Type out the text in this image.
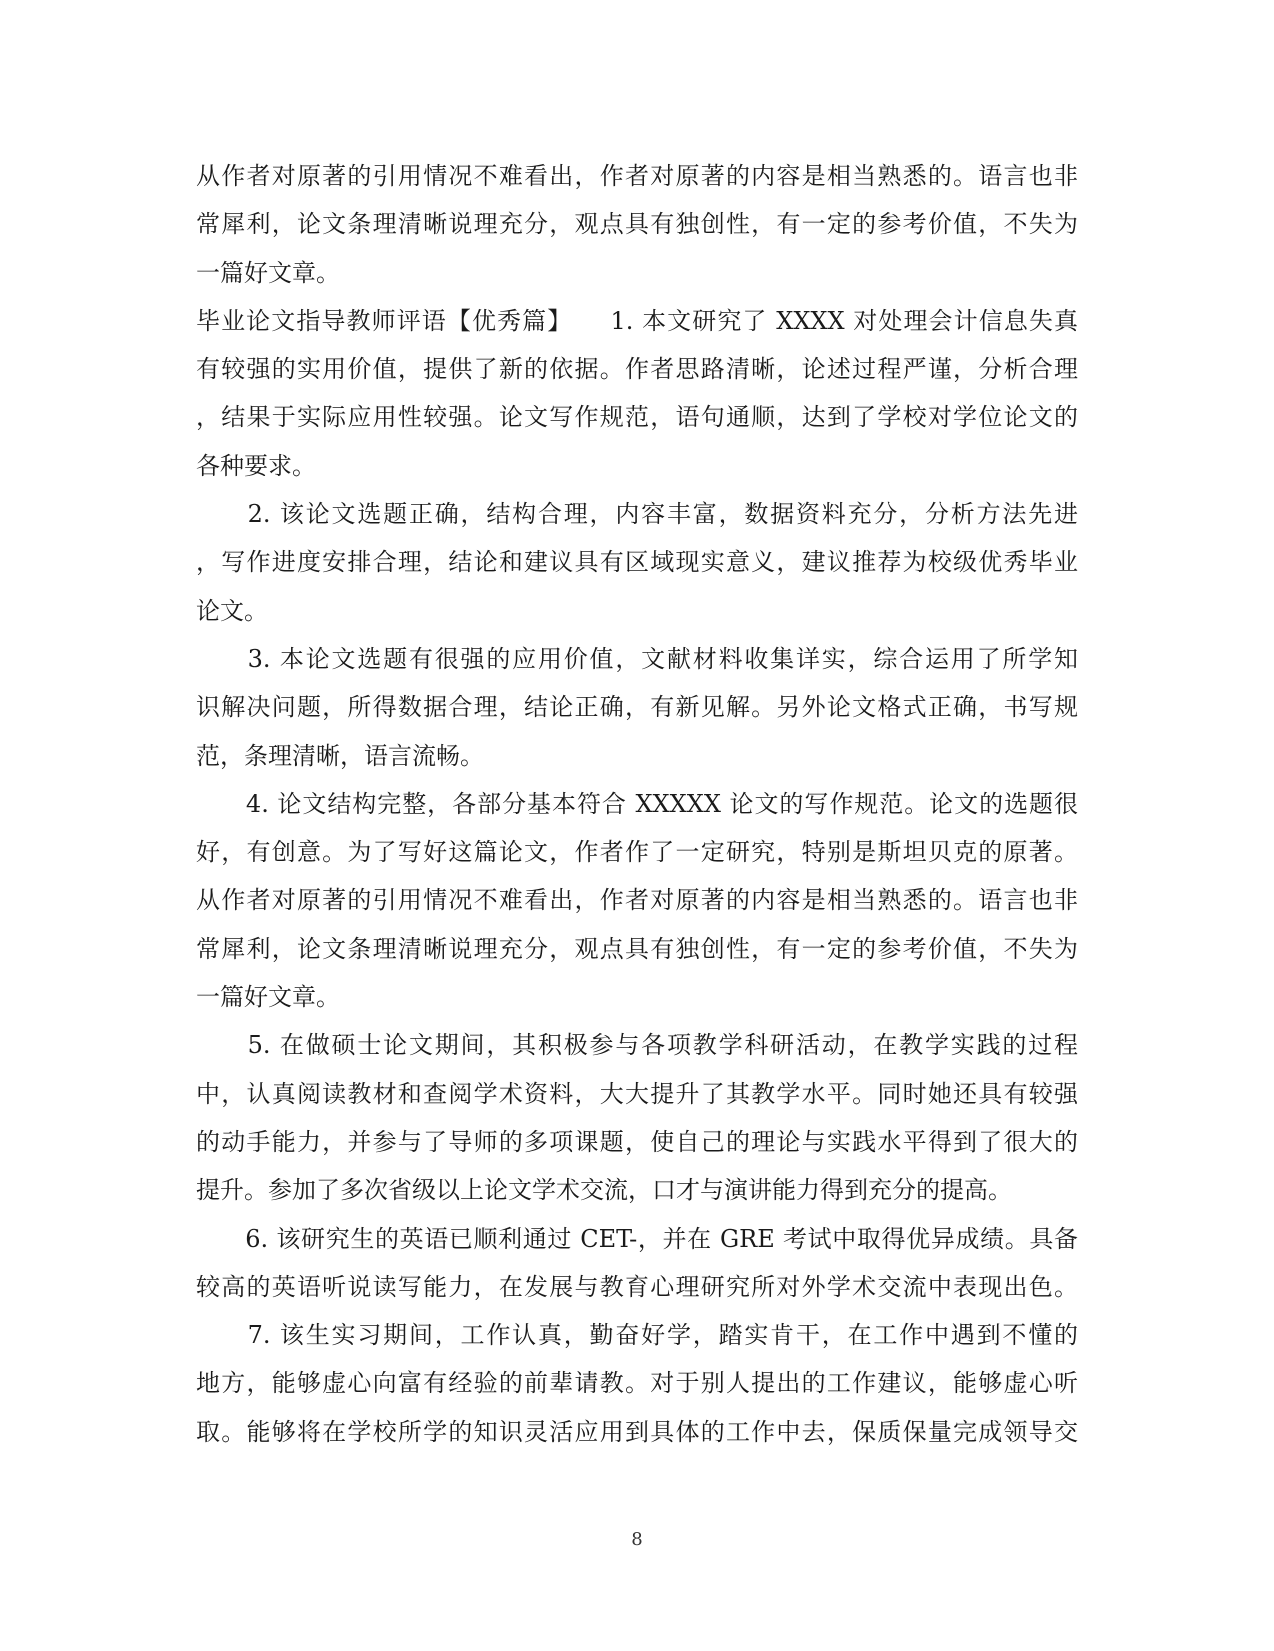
从作者对原著的引用情况不难看出，作者对原著的内容是相当熟悉的。语言也非
常犀利，论文条理清晰说理充分，观点具有独创性，有一定的参考价值，不失为
一篇好文章。
毕业论文指导教师评语【优秀篇】　　1. 本文研究了 XXXX 对处理会计信息失真
有较强的实用价值，提供了新的依据。作者思路清晰，论述过程严谨，分析合理
，结果于实际应用性较强。论文写作规范，语句通顺，达到了学校对学位论文的
各种要求。
　　2. 该论文选题正确，结构合理，内容丰富，数据资料充分，分析方法先进
，写作进度安排合理，结论和建议具有区域现实意义，建议推荐为校级优秀毕业
论文。
　　3. 本论文选题有很强的应用价值，文献材料收集详实，综合运用了所学知
识解决问题，所得数据合理，结论正确，有新见解。另外论文格式正确，书写规
范，条理清晰，语言流畅。
　　4. 论文结构完整，各部分基本符合 XXXXX 论文的写作规范。论文的选题很
好，有创意。为了写好这篇论文，作者作了一定研究，特别是斯坦贝克的原著。
从作者对原著的引用情况不难看出，作者对原著的内容是相当熟悉的。语言也非
常犀利，论文条理清晰说理充分，观点具有独创性，有一定的参考价值，不失为
一篇好文章。
　　5. 在做硕士论文期间，其积极参与各项教学科研活动，在教学实践的过程
中，认真阅读教材和查阅学术资料，大大提升了其教学水平。同时她还具有较强
的动手能力，并参与了导师的多项课题，使自己的理论与实践水平得到了很大的
提升。参加了多次省级以上论文学术交流，口才与演讲能力得到充分的提高。
　　6. 该研究生的英语已顺利通过 CET-，并在 GRE 考试中取得优异成绩。具备
较高的英语听说读写能力，在发展与教育心理研究所对外学术交流中表现出色。
　　7. 该生实习期间，工作认真，勤奋好学，踏实肯干，在工作中遇到不懂的
地方，能够虚心向富有经验的前辈请教。对于别人提出的工作建议，能够虚心听
取。能够将在学校所学的知识灵活应用到具体的工作中去，保质保量完成领导交
8
